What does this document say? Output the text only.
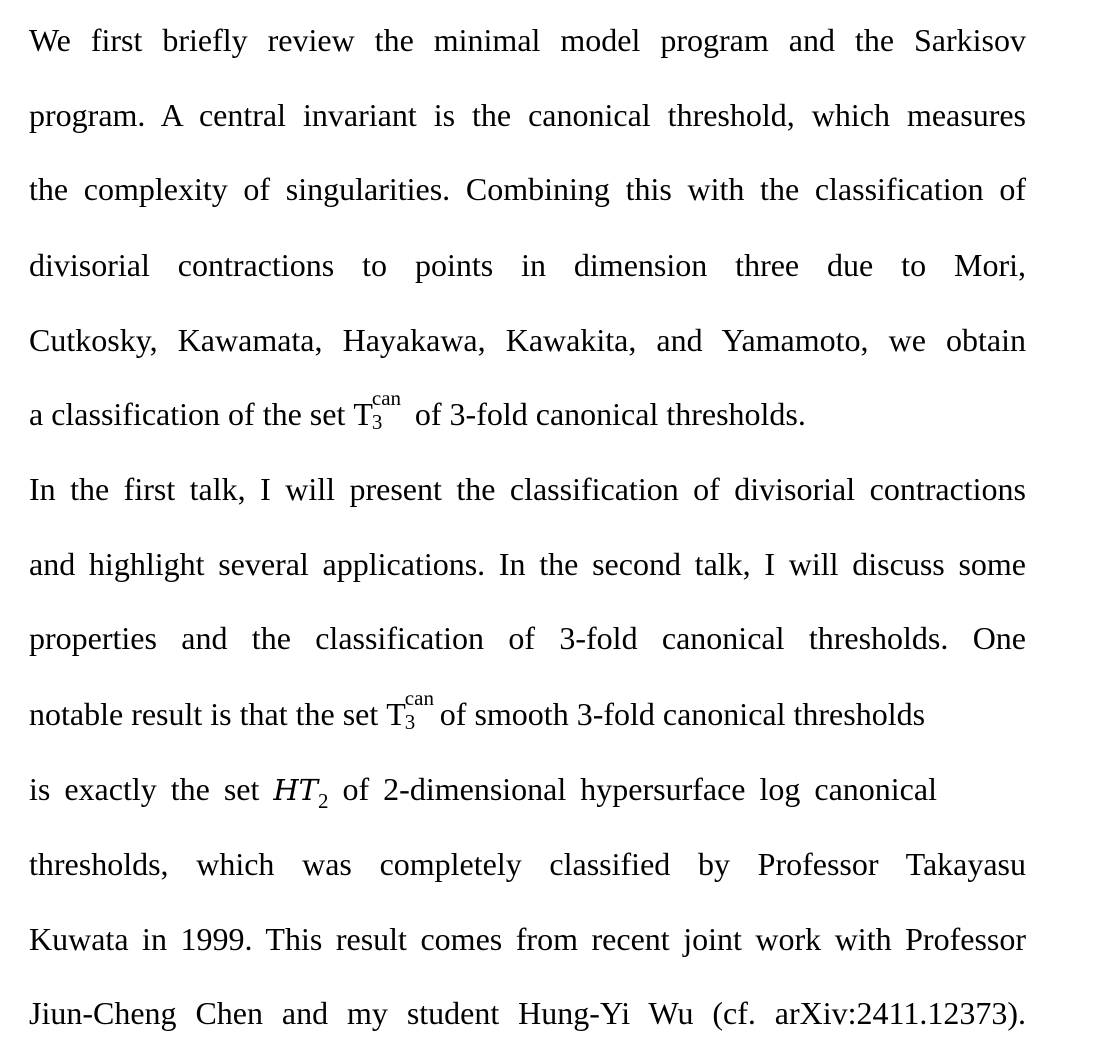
We first briefly review the minimal model program and the Sarkisov
program. A central invariant is the canonical threshold, which measures
the complexity of singularities. Combining this with the classification of
divisorial contractions to points in dimension three due to Mori,
Cutkosky, Kawamata, Hayakawa, Kawakita, and Yamamoto, we obtain
a classification of the set T can
3 of 3-fold canonical thresholds.
In the first talk, I will present the classification of divisorial contractions
and highlight several applications. In the second talk, I will discuss some
properties and the classification of 3-fold canonical thresholds. One
notable result is that the set T can
3 of smooth 3-fold canonical thresholds
is exactly the set $HT_2$ of 2-dimensional hypersurface log canonical
thresholds, which was completely classified by Professor Takayasu
Kuwata in 1999. This result comes from recent joint work with Professor
Jiun-Cheng Chen and my student Hung-Yi Wu (cf. arXiv:2411.12373).
